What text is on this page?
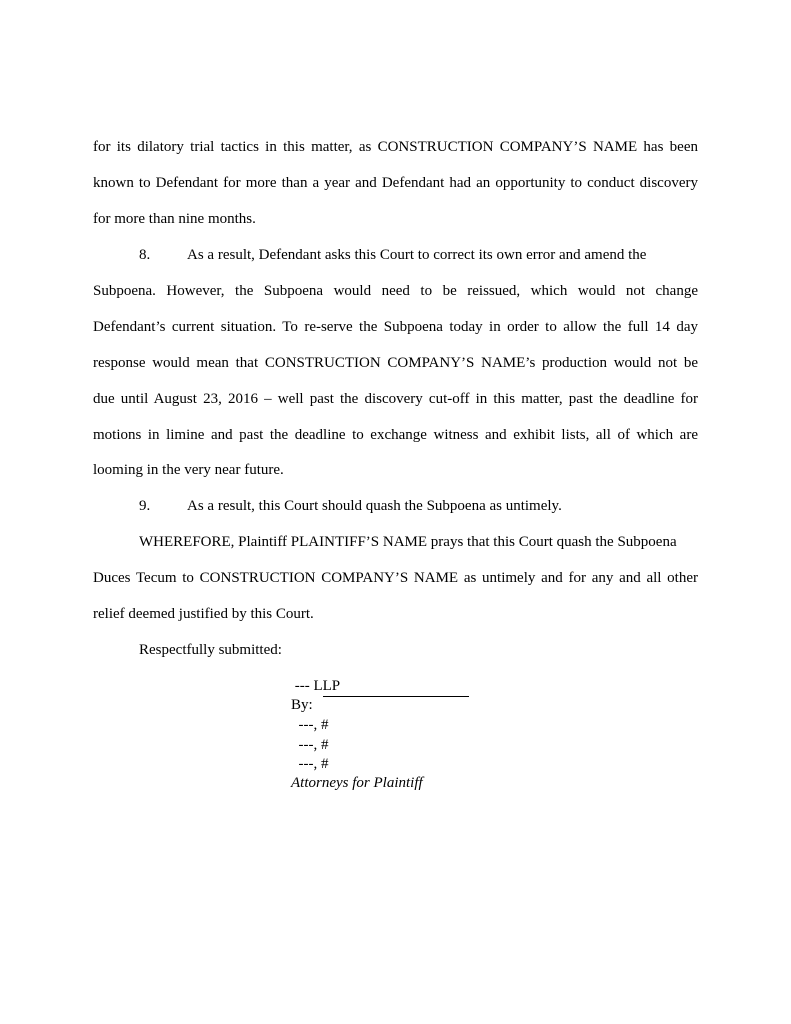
for its dilatory trial tactics in this matter, as CONSTRUCTION COMPANY’S NAME has been
known to Defendant for more than a year and Defendant had an opportunity to conduct discovery
for more than nine months.
8. As a result, Defendant asks this Court to correct its own error and amend the
Subpoena. However, the Subpoena would need to be reissued, which would not change
Defendant’s current situation. To re-serve the Subpoena today in order to allow the full 14 day
response would mean that CONSTRUCTION COMPANY’S NAME’s production would not be
due until August 23, 2016 – well past the discovery cut-off in this matter, past the deadline for
motions in limine and past the deadline to exchange witness and exhibit lists, all of which are
looming in the very near future.
9. As a result, this Court should quash the Subpoena as untimely.
WHEREFORE, Plaintiff PLAINTIFF’S NAME prays that this Court quash the Subpoena
Duces Tecum to CONSTRUCTION COMPANY’S NAME as untimely and for any and all other
relief deemed justified by this Court.
Respectfully submitted:
--- LLP
By:
---, #
---, #
---, #
Attorneys for Plaintiff
